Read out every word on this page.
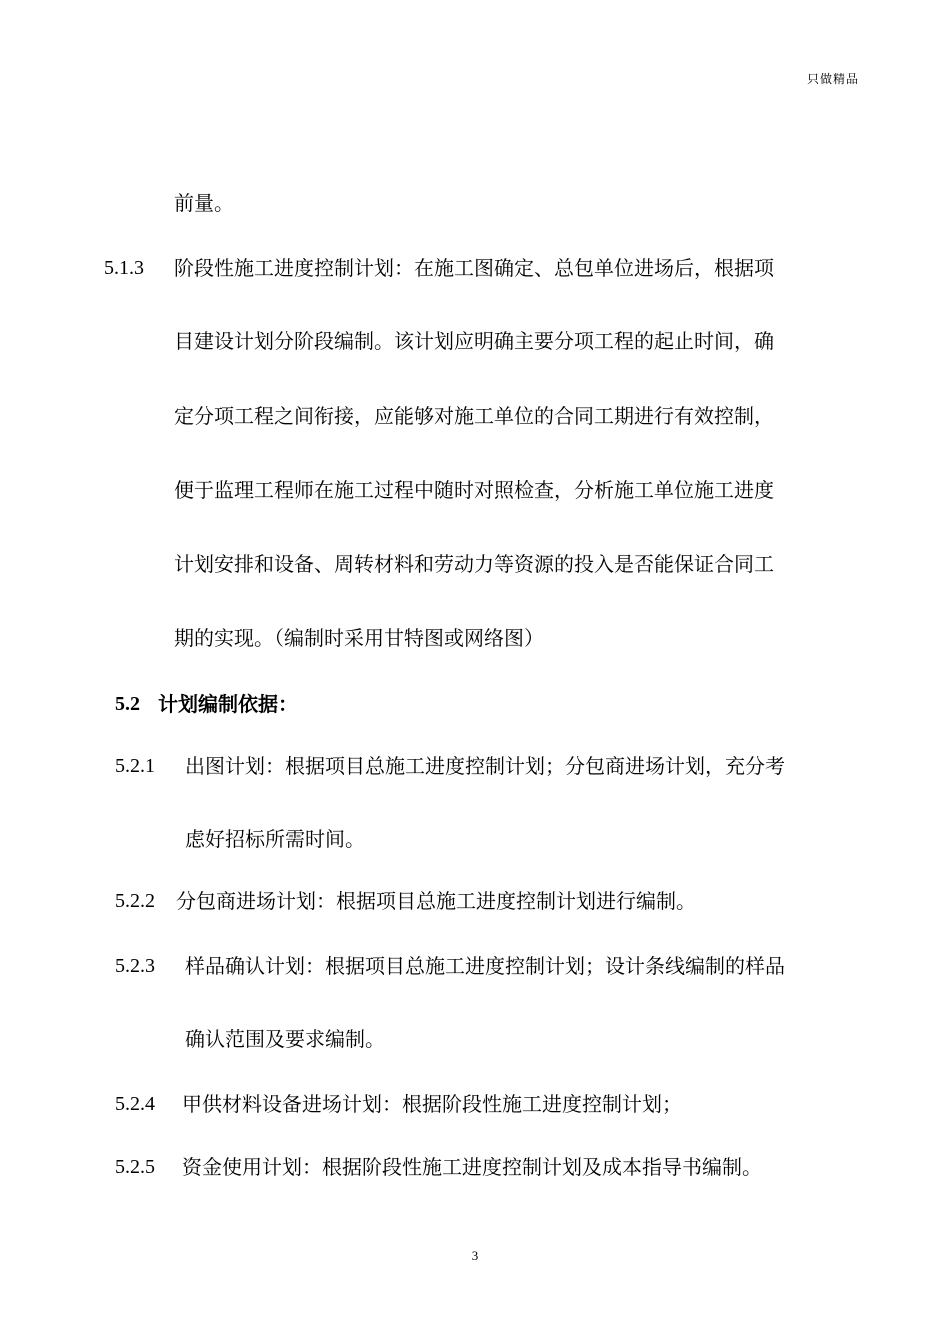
只做精品
前量。
5.1.3 阶段性施工进度控制计划：在施工图确定、总包单位进场后，根据项
目建设计划分阶段编制。该计划应明确主要分项工程的起止时间，确
定分项工程之间衔接，应能够对施工单位的合同工期进行有效控制，
便于监理工程师在施工过程中随时对照检查，分析施工单位施工进度
计划安排和设备、周转材料和劳动力等资源的投入是否能保证合同工
期的实现。（编制时采用甘特图或网络图）
5.2 计划编制依据：
5.2.1 出图计划：根据项目总施工进度控制计划；分包商进场计划，充分考
虑好招标所需时间。
5.2.2 分包商进场计划：根据项目总施工进度控制计划进行编制。
5.2.3 样品确认计划：根据项目总施工进度控制计划；设计条线编制的样品
确认范围及要求编制。
5.2.4 甲供材料设备进场计划：根据阶段性施工进度控制计划；
5.2.5 资金使用计划：根据阶段性施工进度控制计划及成本指导书编制。
3
